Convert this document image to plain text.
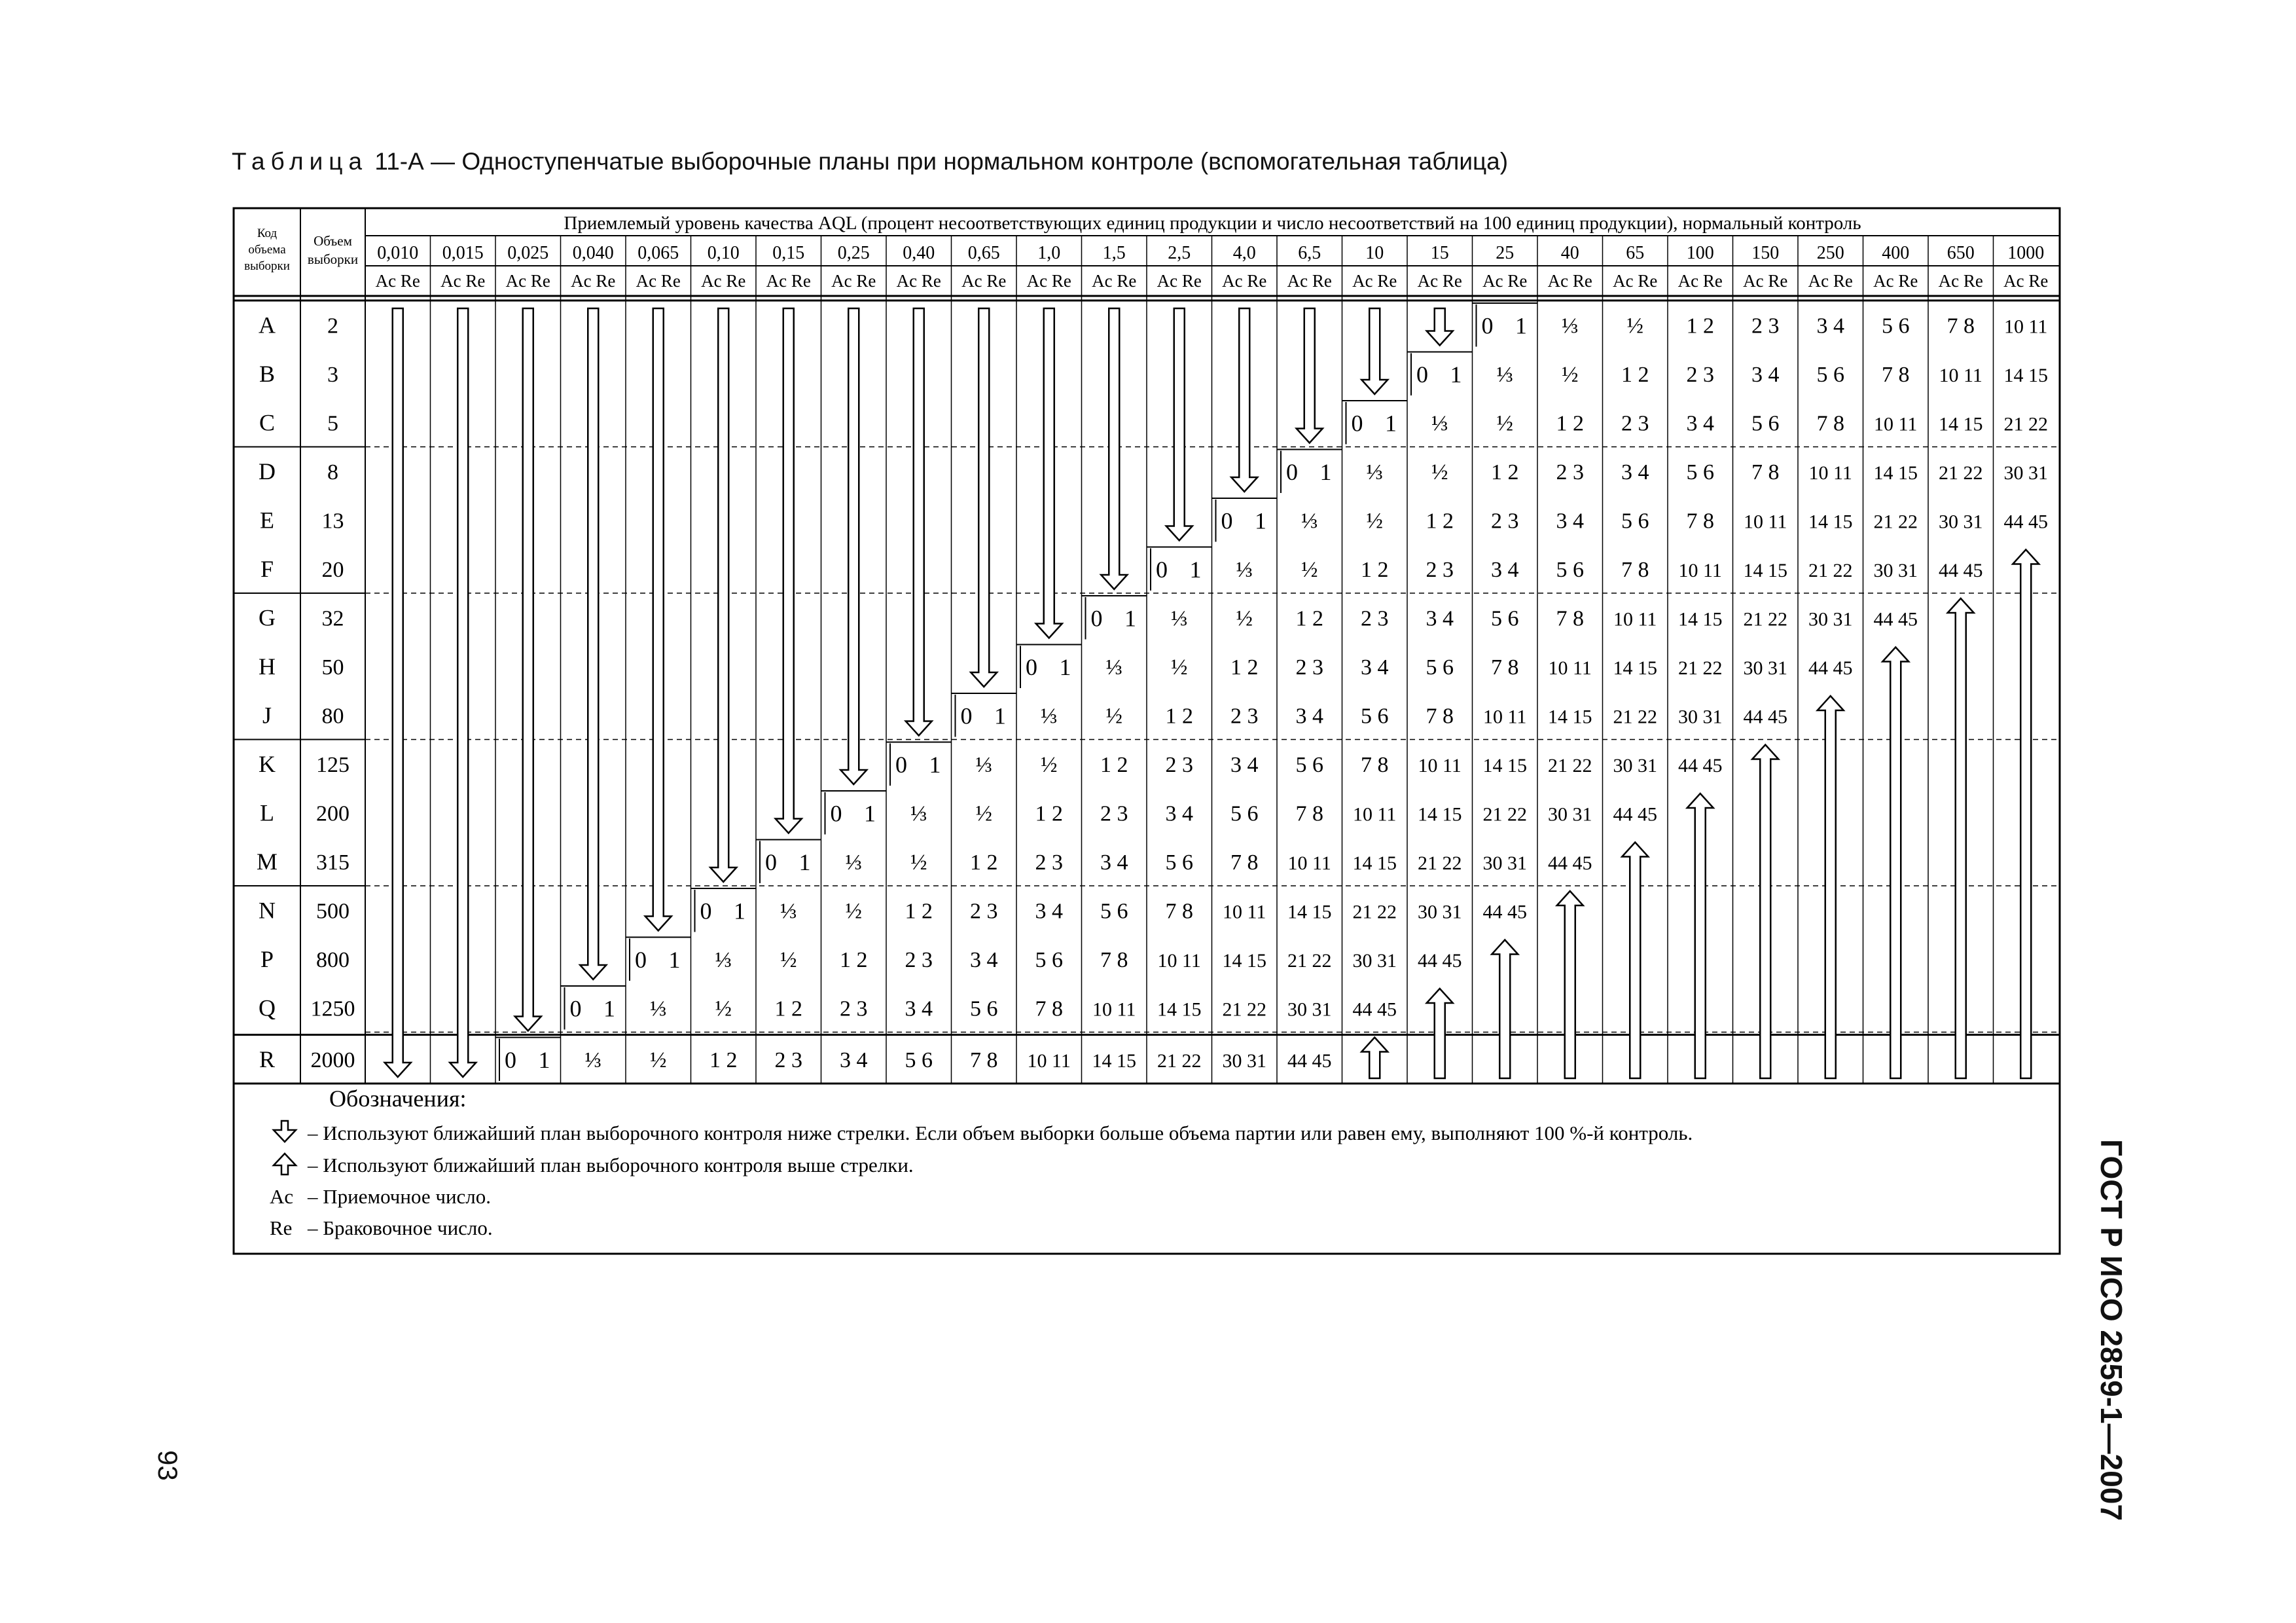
Таблица 11-А — Одноступенчатые выборочные планы при нормальном контроле (вспомогательная таблица)
Код
объема
выборки
Объем
выборки
Приемлемый уровень качества AQL (процент несоответствующих единиц продукции и число несоответствий на 100 единиц продукции), нормальный контроль
0,010
Ac Re
0,015
Ac Re
0,025
Ac Re
0,040
Ac Re
0,065
Ac Re
0,10
Ac Re
0,15
Ac Re
0,25
Ac Re
0,40
Ac Re
0,65
Ac Re
1,0
Ac Re
1,5
Ac Re
2,5
Ac Re
4,0
Ac Re
6,5
Ac Re
10
Ac Re
15
Ac Re
25
Ac Re
40
Ac Re
65
Ac Re
100
Ac Re
150
Ac Re
250
Ac Re
400
Ac Re
650
Ac Re
1000
Ac Re
A 2
B 3
C 5
D 8
E 13
F 20
G 32
H 50
J 80
K 125
L 200
M 315
N 500
P 800
Q 1250
R 2000	0 1
0 1
⅓
0 1
⅓
½
0 1
⅓
½
1 2
0 1
⅓
½
1 2
2 3
0 1
⅓
½
1 2
2 3
3 4
0 1
⅓
½
1 2
2 3
3 4
5 6
0 1
⅓
½
1 2
2 3
3 4
5 6
7 8
0 1
⅓
½
1 2
2 3
3 4
5 6
7 8
10 11
0 1
⅓
½
1 2
2 3
3 4
5 6
7 8
10 11
14 15
0 1
⅓
½
1 2
2 3
3 4
5 6
7 8
10 11
14 15
21 22
0 1
⅓
½
1 2
2 3
3 4
5 6
7 8
10 11
14 15
21 22
30 31
0 1
⅓
½
1 2
2 3
3 4
5 6
7 8
10 11
14 15
21 22
30 31
44 45
0 1
⅓
½
1 2
2 3
3 4
5 6
7 8
10 11
14 15
21 22
30 31
44 45
0 1
⅓
½
1 2
2 3
3 4
5 6
7 8
10 11
14 15
21 22
30 31
44 45
0 1
⅓
½
1 2
2 3
3 4
5 6
7 8
10 11
14 15
21 22
30 31
44 45
⅓
½
1 2
2 3
3 4
5 6
7 8
10 11
14 15
21 22
30 31
44 45
½
1 2
2 3
3 4
5 6
7 8
10 11
14 15
21 22
30 31
44 45
1 2
2 3
3 4
5 6
7 8
10 11
14 15
21 22
30 31
44 45
2 3
3 4
5 6
7 8
10 11
14 15
21 22
30 31
44 45
3 4
5 6
7 8
10 11
14 15
21 22
30 31
44 45
5 6
7 8
10 11
14 15
21 22
30 31
44 45
7 8
10 11
14 15
21 22
30 31
44 45
10 11
14 15
21 22
30 31
44 45
Обозначения:
– Используют ближайший план выборочного контроля ниже стрелки. Если объем выборки больше объема партии или равен ему, выполняют 100 %-й контроль.
– Используют ближайший план выборочного контроля выше стрелки.
Ac – Приемочное число.
Re – Браковочное число.	ГОСТ Р ИСО 2859-1—2007
93
